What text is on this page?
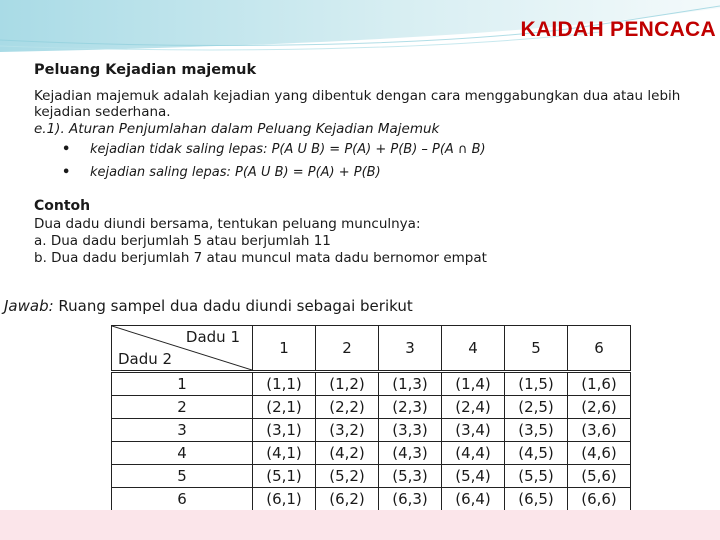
KAIDAH PENCACA

Peluang Kejadian majemuk

Kejadian majemuk adalah kejadian yang dibentuk dengan cara menggabungkan dua atau lebih kejadian sederhana.

e.1). Aturan Penjumlahan dalam Peluang Kejadian Majemuk

• kejadian tidak saling lepas: P(A U B) = P(A) + P(B) – P(A ∩ B)
• kejadian saling lepas: P(A U B) = P(A) + P(B)

Contoh

Dua dadu diundi bersama, tentukan peluang munculnya:

a. Dua dadu berjumlah 5 atau berjumlah 11

b. Dua dadu berjumlah 7 atau muncul mata dadu bernomor empat

Jawab: Ruang sampel dua dadu diundi sebagai berikut
Dadu 1
Dadu 2	1	2	3	4	5	6
1	(1,1)	(1,2)	(1,3)	(1,4)	(1,5)	(1,6)
2	(2,1)	(2,2)	(2,3)	(2,4)	(2,5)	(2,6)
3	(3,1)	(3,2)	(3,3)	(3,4)	(3,5)	(3,6)
4	(4,1)	(4,2)	(4,3)	(4,4)	(4,5)	(4,6)
5	(5,1)	(5,2)	(5,3)	(5,4)	(5,5)	(5,6)
6	(6,1)	(6,2)	(6,3)	(6,4)	(6,5)	(6,6)
